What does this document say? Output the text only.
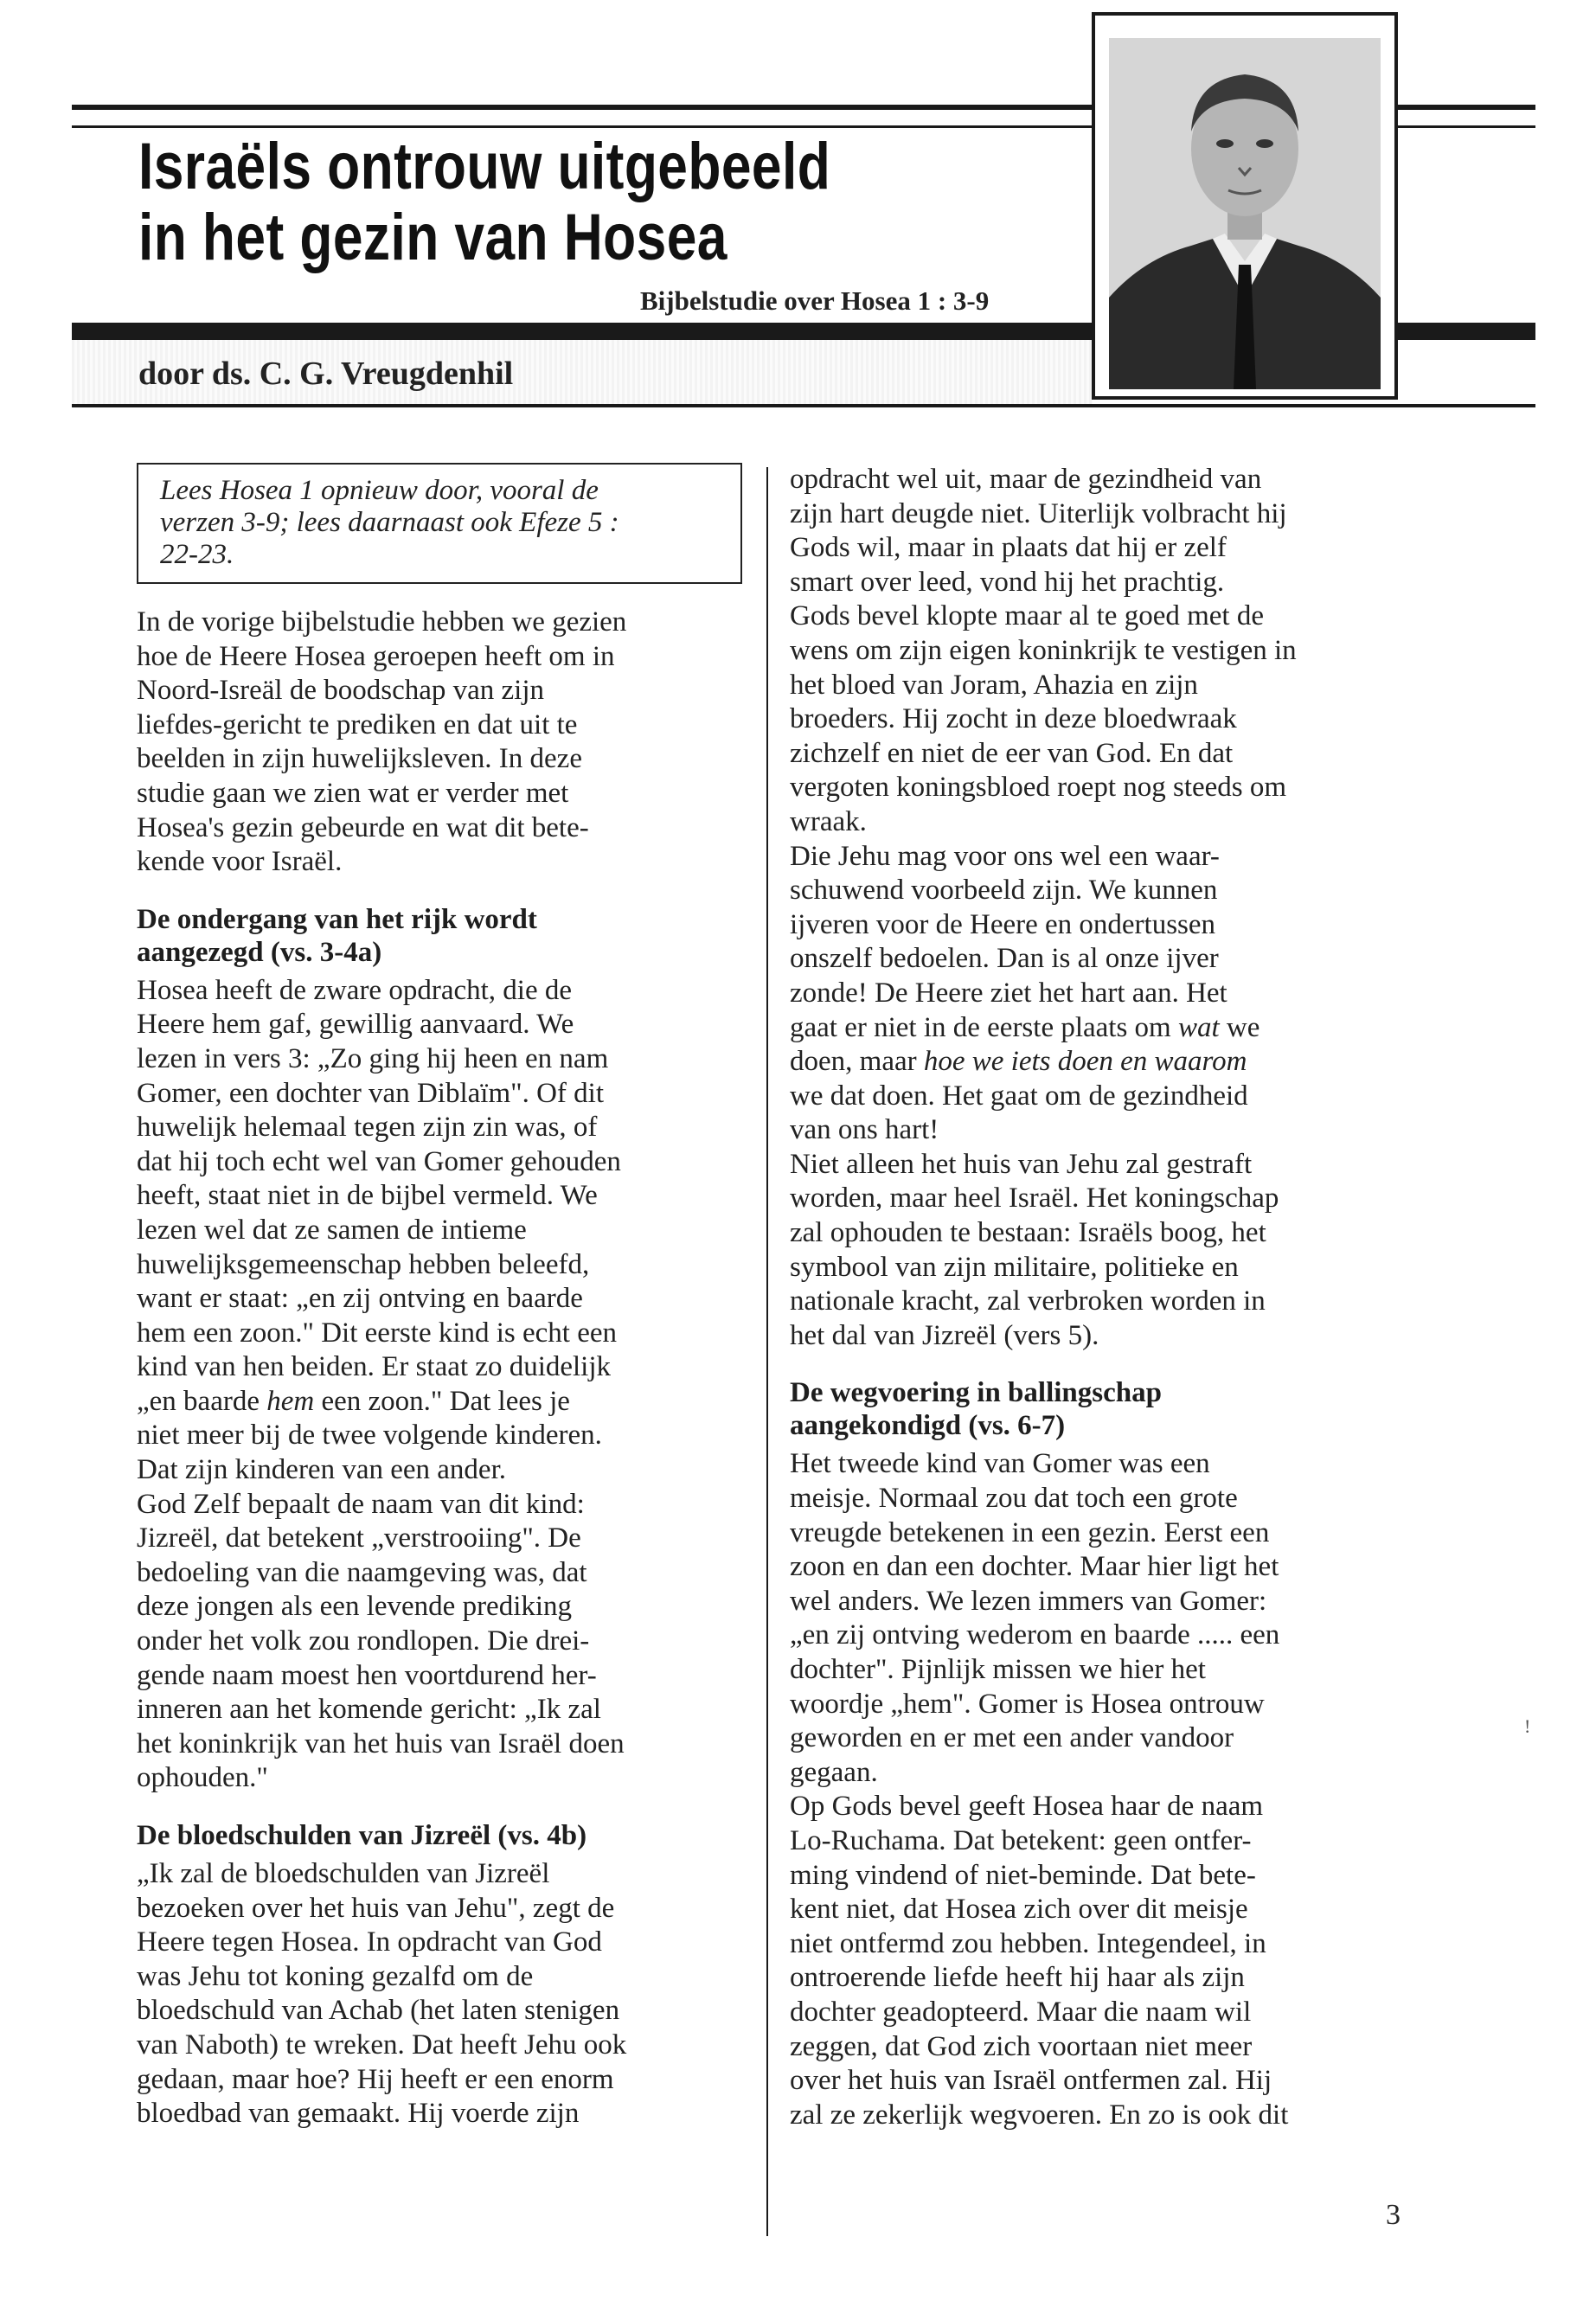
Israëls ontrouw uitgebeeld
in het gezin van Hosea
Bijbelstudie over Hosea 1 : 3-9
door ds. C. G. Vreugdenhil
Lees Hosea 1 opnieuw door, vooral de
verzen 3-9; lees daarnaast ook Efeze 5 :
22-23.

In de vorige bijbelstudie hebben we gezien
hoe de Heere Hosea geroepen heeft om in
Noord-Isreäl de boodschap van zijn
liefdes-gericht te prediken en dat uit te
beelden in zijn huwelijksleven. In deze
studie gaan we zien wat er verder met
Hosea's gezin gebeurde en wat dit bete-
kende voor Israël.

De ondergang van het rijk wordt
aangezegd (vs. 3-4a)

Hosea heeft de zware opdracht, die de
Heere hem gaf, gewillig aanvaard. We
lezen in vers 3: „Zo ging hij heen en nam
Gomer, een dochter van Diblaïm". Of dit
huwelijk helemaal tegen zijn zin was, of
dat hij toch echt wel van Gomer gehouden
heeft, staat niet in de bijbel vermeld. We
lezen wel dat ze samen de intieme
huwelijksgemeenschap hebben beleefd,
want er staat: „en zij ontving en baarde
hem een zoon." Dit eerste kind is echt een
kind van hen beiden. Er staat zo duidelijk
„en baarde hem een zoon." Dat lees je
niet meer bij de twee volgende kinderen.
Dat zijn kinderen van een ander.

God Zelf bepaalt de naam van dit kind:
Jizreël, dat betekent „verstrooiing". De
bedoeling van die naamgeving was, dat
deze jongen als een levende prediking
onder het volk zou rondlopen. Die drei-
gende naam moest hen voortdurend her-
inneren aan het komende gericht: „Ik zal
het koninkrijk van het huis van Israël doen
ophouden."

De bloedschulden van Jizreël (vs. 4b)

„Ik zal de bloedschulden van Jizreël
bezoeken over het huis van Jehu", zegt de
Heere tegen Hosea. In opdracht van God
was Jehu tot koning gezalfd om de
bloedschuld van Achab (het laten stenigen
van Naboth) te wreken. Dat heeft Jehu ook
gedaan, maar hoe? Hij heeft er een enorm
bloedbad van gemaakt. Hij voerde zijn

opdracht wel uit, maar de gezindheid van
zijn hart deugde niet. Uiterlijk volbracht hij
Gods wil, maar in plaats dat hij er zelf
smart over leed, vond hij het prachtig.
Gods bevel klopte maar al te goed met de
wens om zijn eigen koninkrijk te vestigen in
het bloed van Joram, Ahazia en zijn
broeders. Hij zocht in deze bloedwraak
zichzelf en niet de eer van God. En dat
vergoten koningsbloed roept nog steeds om
wraak.

Die Jehu mag voor ons wel een waar-
schuwend voorbeeld zijn. We kunnen
ijveren voor de Heere en ondertussen
onszelf bedoelen. Dan is al onze ijver
zonde! De Heere ziet het hart aan. Het
gaat er niet in de eerste plaats om wat we
doen, maar hoe we iets doen en waarom
we dat doen. Het gaat om de gezindheid
van ons hart!

Niet alleen het huis van Jehu zal gestraft
worden, maar heel Israël. Het koningschap
zal ophouden te bestaan: Israëls boog, het
symbool van zijn militaire, politieke en
nationale kracht, zal verbroken worden in
het dal van Jizreël (vers 5).

De wegvoering in ballingschap
aangekondigd (vs. 6-7)

Het tweede kind van Gomer was een
meisje. Normaal zou dat toch een grote
vreugde betekenen in een gezin. Eerst een
zoon en dan een dochter. Maar hier ligt het
wel anders. We lezen immers van Gomer:
„en zij ontving wederom en baarde ..... een
dochter". Pijnlijk missen we hier het
woordje „hem". Gomer is Hosea ontrouw
geworden en er met een ander vandoor
gegaan.

Op Gods bevel geeft Hosea haar de naam
Lo-Ruchama. Dat betekent: geen ontfer-
ming vindend of niet-beminde. Dat bete-
kent niet, dat Hosea zich over dit meisje
niet ontfermd zou hebben. Integendeel, in
ontroerende liefde heeft hij haar als zijn
dochter geadopteerd. Maar die naam wil
zeggen, dat God zich voortaan niet meer
over het huis van Israël ontfermen zal. Hij
zal ze zekerlijk wegvoeren. En zo is ook dit

!
3
